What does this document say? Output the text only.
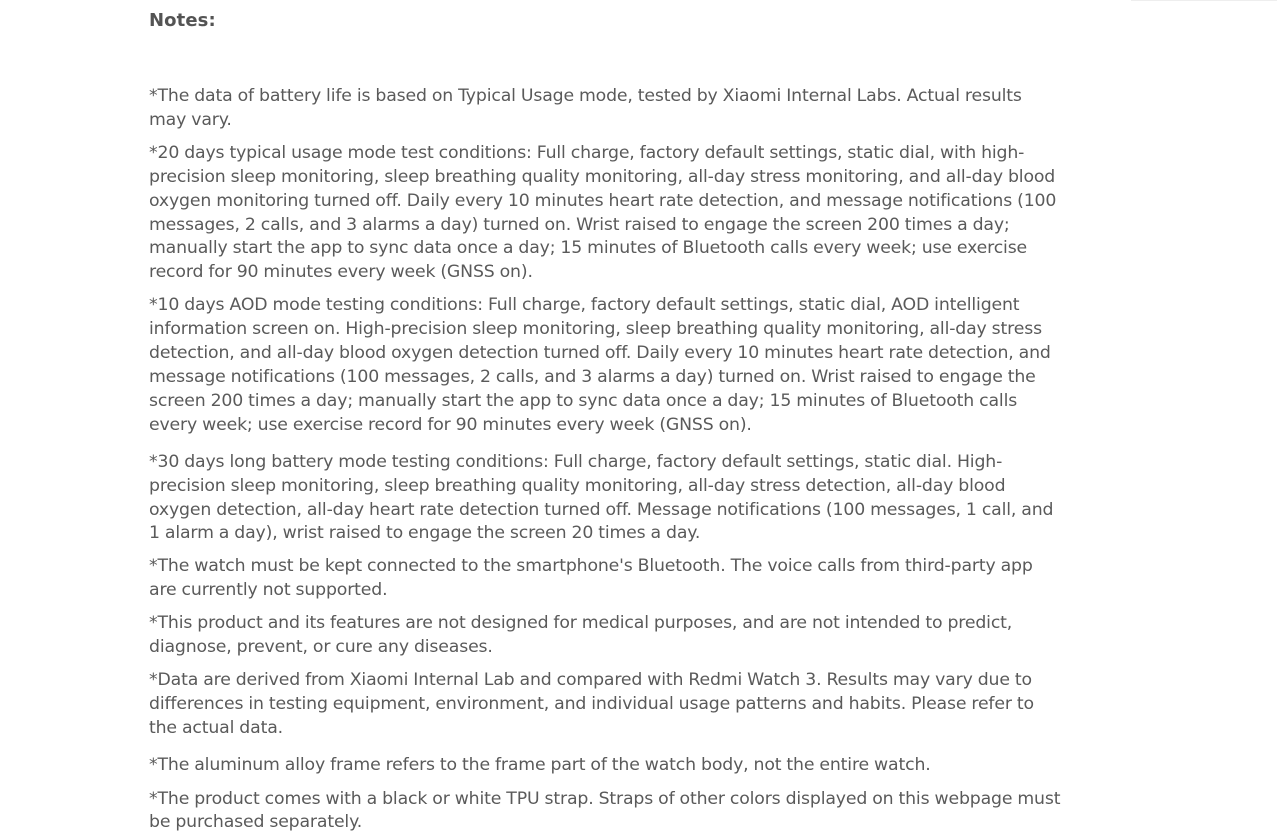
Notes:

*The data of battery life is based on Typical Usage mode, tested by Xiaomi Internal Labs. Actual results may vary.

*20 days typical usage mode test conditions: Full charge, factory default settings, static dial, with high-precision sleep monitoring, sleep breathing quality monitoring, all-day stress monitoring, and all-day blood oxygen monitoring turned off. Daily every 10 minutes heart rate detection, and message notifications (100 messages, 2 calls, and 3 alarms a day) turned on. Wrist raised to engage the screen 200 times a day; manually start the app to sync data once a day; 15 minutes of Bluetooth calls every week; use exercise record for 90 minutes every week (GNSS on).

*10 days AOD mode testing conditions: Full charge, factory default settings, static dial, AOD intelligent information screen on. High-precision sleep monitoring, sleep breathing quality monitoring, all-day stress detection, and all-day blood oxygen detection turned off. Daily every 10 minutes heart rate detection, and message notifications (100 messages, 2 calls, and 3 alarms a day) turned on. Wrist raised to engage the screen 200 times a day; manually start the app to sync data once a day; 15 minutes of Bluetooth calls every week; use exercise record for 90 minutes every week (GNSS on).

*30 days long battery mode testing conditions: Full charge, factory default settings, static dial. High-precision sleep monitoring, sleep breathing quality monitoring, all-day stress detection, all-day blood oxygen detection, all-day heart rate detection turned off. Message notifications (100 messages, 1 call, and 1 alarm a day), wrist raised to engage the screen 20 times a day.

*The watch must be kept connected to the smartphone's Bluetooth. The voice calls from third-party app are currently not supported.

*This product and its features are not designed for medical purposes, and are not intended to predict, diagnose, prevent, or cure any diseases.

*Data are derived from Xiaomi Internal Lab and compared with Redmi Watch 3. Results may vary due to differences in testing equipment, environment, and individual usage patterns and habits. Please refer to the actual data.

*The aluminum alloy frame refers to the frame part of the watch body, not the entire watch.

*The product comes with a black or white TPU strap. Straps of other colors displayed on this webpage must be purchased separately.
